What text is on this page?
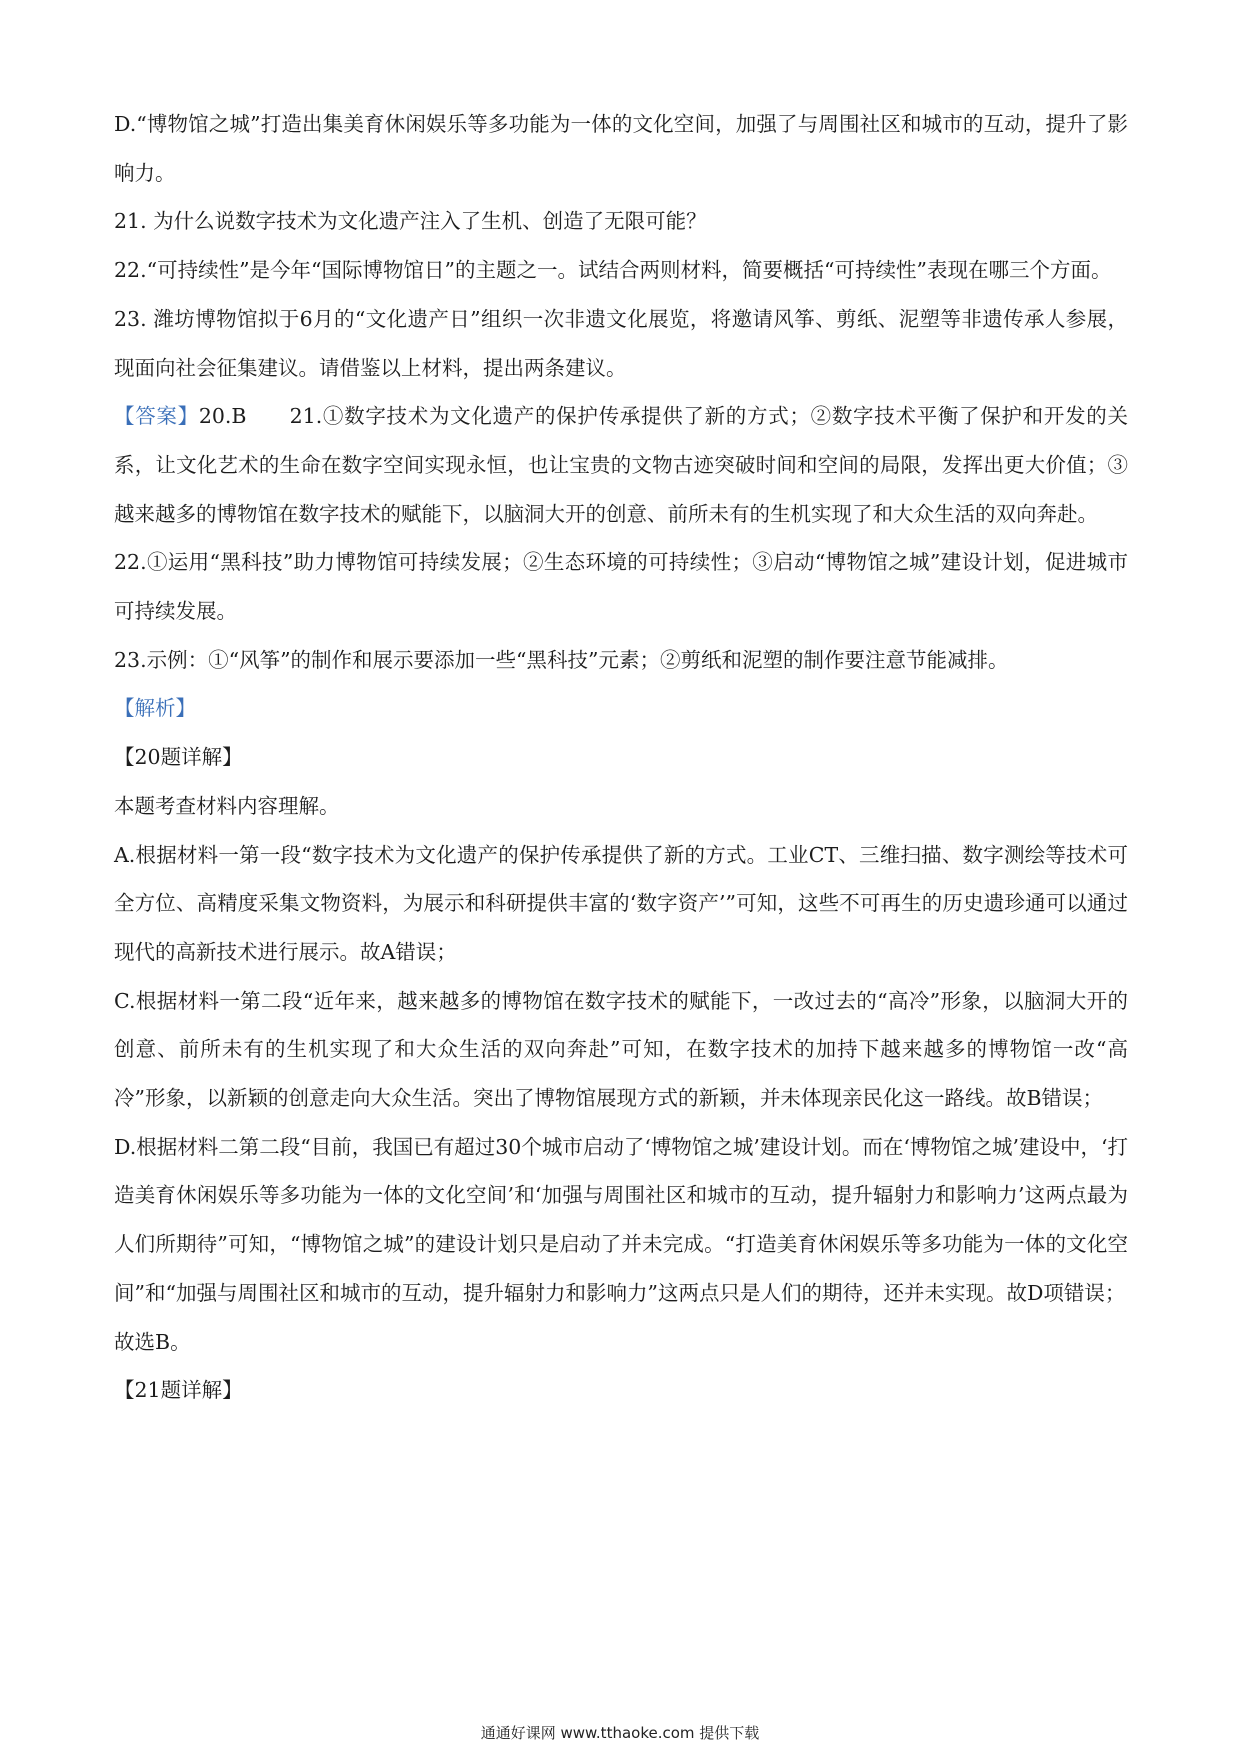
D.“博物馆之城”打造出集美育休闲娱乐等多功能为一体的文化空间，加强了与周围社区和城市的互动，提升了影响力。

21. 为什么说数字技术为文化遗产注入了生机、创造了无限可能？

22.“可持续性”是今年“国际博物馆日”的主题之一。试结合两则材料，简要概括“可持续性”表现在哪三个方面。

23. 潍坊博物馆拟于6月的“文化遗产日”组织一次非遗文化展览，将邀请风筝、剪纸、泥塑等非遗传承人参展，现面向社会征集建议。请借鉴以上材料，提出两条建议。

【答案】20.B　　21.①数字技术为文化遗产的保护传承提供了新的方式；②数字技术平衡了保护和开发的关系，让文化艺术的生命在数字空间实现永恒，也让宝贵的文物古迹突破时间和空间的局限，发挥出更大价值；③越来越多的博物馆在数字技术的赋能下，以脑洞大开的创意、前所未有的生机实现了和大众生活的双向奔赴。

22.①运用“黑科技”助力博物馆可持续发展；②生态环境的可持续性；③启动“博物馆之城”建设计划，促进城市可持续发展。

23.示例：①“风筝”的制作和展示要添加一些“黑科技”元素；②剪纸和泥塑的制作要注意节能减排。

【解析】

【20题详解】

本题考查材料内容理解。

A.根据材料一第一段“数字技术为文化遗产的保护传承提供了新的方式。工业CT、三维扫描、数字测绘等技术可全方位、高精度采集文物资料，为展示和科研提供丰富的‘数字资产’”可知，这些不可再生的历史遗珍通可以通过现代的高新技术进行展示。故A错误；

C.根据材料一第二段“近年来，越来越多的博物馆在数字技术的赋能下，一改过去的“高冷”形象，以脑洞大开的创意、前所未有的生机实现了和大众生活的双向奔赴”可知，在数字技术的加持下越来越多的博物馆一改“高冷”形象，以新颖的创意走向大众生活。突出了博物馆展现方式的新颖，并未体现亲民化这一路线。故B错误；

D.根据材料二第二段“目前，我国已有超过30个城市启动了‘博物馆之城’建设计划。而在‘博物馆之城’建设中，‘打造美育休闲娱乐等多功能为一体的文化空间’和‘加强与周围社区和城市的互动，提升辐射力和影响力’这两点最为人们所期待”可知，“博物馆之城”的建设计划只是启动了并未完成。“打造美育休闲娱乐等多功能为一体的文化空间”和“加强与周围社区和城市的互动，提升辐射力和影响力”这两点只是人们的期待，还并未实现。故D项错误；

故选B。

【21题详解】

通通好课网 www.tthaoke.com 提供下载
